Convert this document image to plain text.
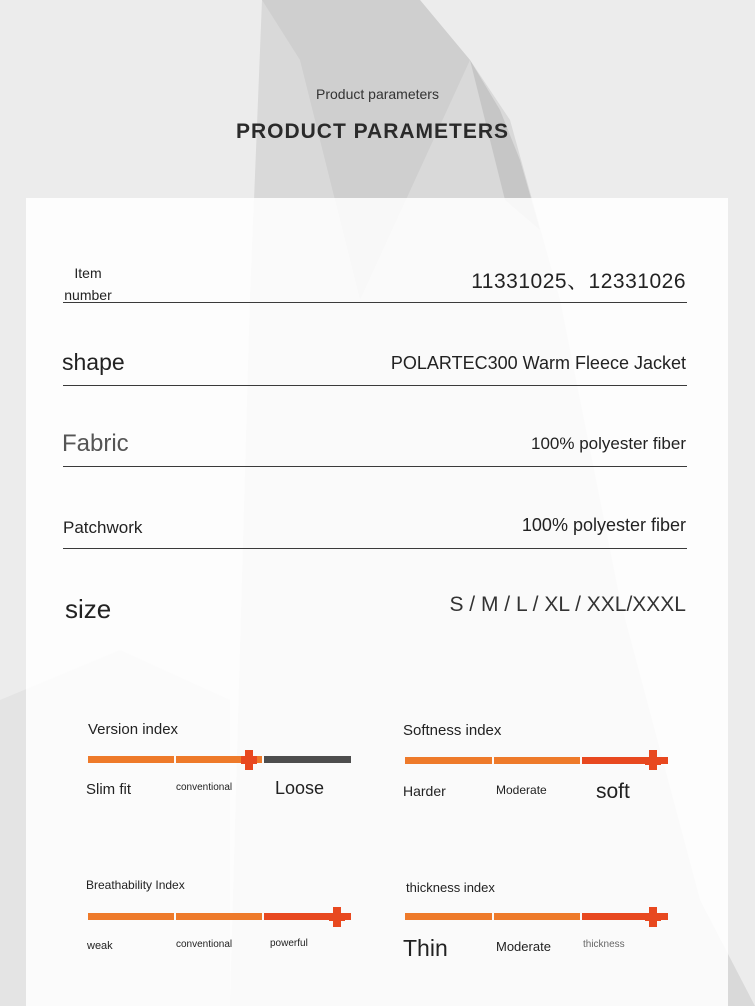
Product parameters
PRODUCT PARAMETERS
Item
number
11331025、12331026
shape	POLARTEC300 Warm Fleece Jacket
Fabric	100% polyester fiber
Patchwork	100% polyester fiber
size	S / M / L / XL / XXL/XXXL
Version index
Slim fit	conventional Loose
Softness index
Harder	Moderate soft
Breathability Index
weak	conventional	powerful
thickness index
Thin	Moderate	thickness
